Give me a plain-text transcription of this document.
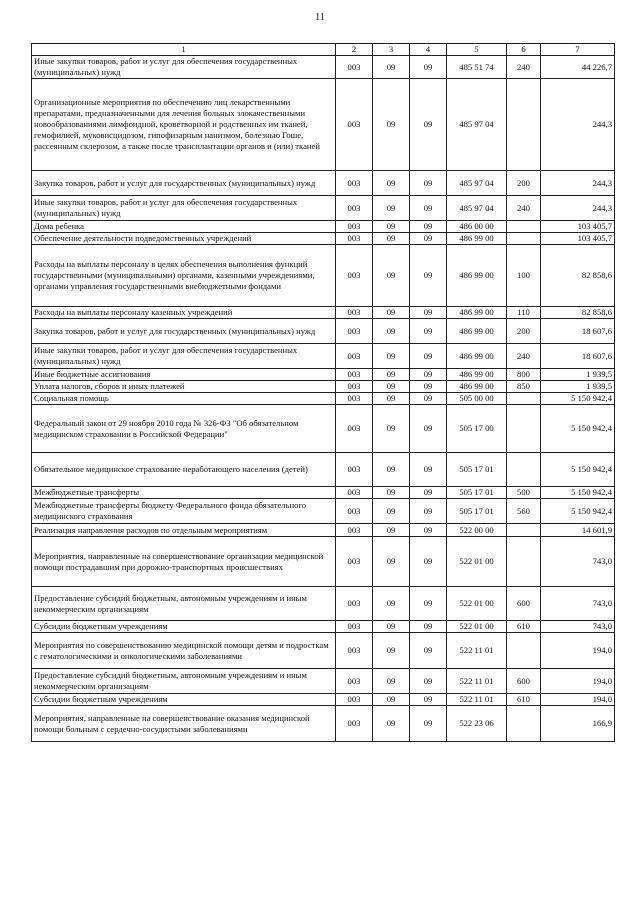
11
1	2	3	4	5	6	7
Иные закупки товаров, работ и услуг для обеспечения государственных (муниципальных) нужд	003	09	09	485 51 74	240	44 226,7
Организационные мероприятия по обеспечению лиц лекарственными препаратами, предназначенными для лечения больных злокачественными новообразованиями лимфоидной, кроветворной и родственных им тканей, гемофилией, муковисцидозом, гипофизарным нанизмом, болезнью Гоше, рассеянным склерозом, а также после трансплантации органов и (или) тканей	003	09	09	485 97 04		244,3
Закупка товаров, работ и услуг для государственных (муниципальных) нужд	003	09	09	485 97 04	200	244,3
Иные закупки товаров, работ и услуг для обеспечения государственных (муниципальных) нужд	003	09	09	485 97 04	240	244,3
Дома ребенка	003	09	09	486 00 00		103 405,7
Обеспечение деятельности подведомственных учреждений	003	09	09	486 99 00		103 405,7
Расходы на выплаты персоналу в целях обеспечения выполнения функций государственными (муниципальными) органами, казенными учреждениями, органами управления государственными внебюджетными фондами	003	09	09	486 99 00	100	82 858,6
Расходы на выплаты персоналу казенных учреждений	003	09	09	486 99 00	110	82 858,6
Закупка товаров, работ и услуг для государственных (муниципальных) нужд	003	09	09	486 99 00	200	18 607,6
Иные закупки товаров, работ и услуг для обеспечения государственных (муниципальных) нужд	003	09	09	486 99 00	240	18 607,6
Иные бюджетные ассигнования	003	09	09	486 99 00	800	1 939,5
Уплата налогов, сборов и иных платежей	003	09	09	486 99 00	850	1 939,5
Социальная помощь	003	09	09	505 00 00		5 150 942,4
Федеральный закон от 29 ноября 2010 года № 326-ФЗ "Об обязательном медицинском страховании в Российской Федерации"	003	09	09	505 17 00		5 150 942,4
Обязательное медицинское страхование неработающего населения (детей)	003	09	09	505 17 01		5 150 942,4
Межбюджетные трансферты	003	09	09	505 17 01	500	5 150 942,4
Межбюджетные трансферты бюджету Федерального фонда обязательного медицинского страхования	003	09	09	505 17 01	560	5 150 942,4
Реализация направления расходов по отдельным мероприятиям	003	09	09	522 00 00		14 601,9
Мероприятия, направленные на совершенствование организации медицинской помощи пострадавшим при дорожно-транспортных происшествиях	003	09	09	522 01 00		743,0
Предоставление субсидий бюджетным, автономным учреждениям и иным некоммерческим организациям	003	09	09	522 01 00	600	743,0
Субсидии бюджетным учреждениям	003	09	09	522 01 00	610	743,0
Мероприятия по совершенствованию медицинской помощи детям и подросткам с гематологическими и онкологическими заболеваниями	003	09	09	522 11 01		194,0
Предоставление субсидий бюджетным, автономным учреждениям и иным некоммерческим организациям	003	09	09	522 11 01	600	194,0
Субсидии бюджетным учреждениям	003	09	09	522 11 01	610	194,0
Мероприятия, направленные на совершенствование оказания медицинской помощи больным с сердечно-сосудистыми заболеваниями	003	09	09	522 23 06		166,9
